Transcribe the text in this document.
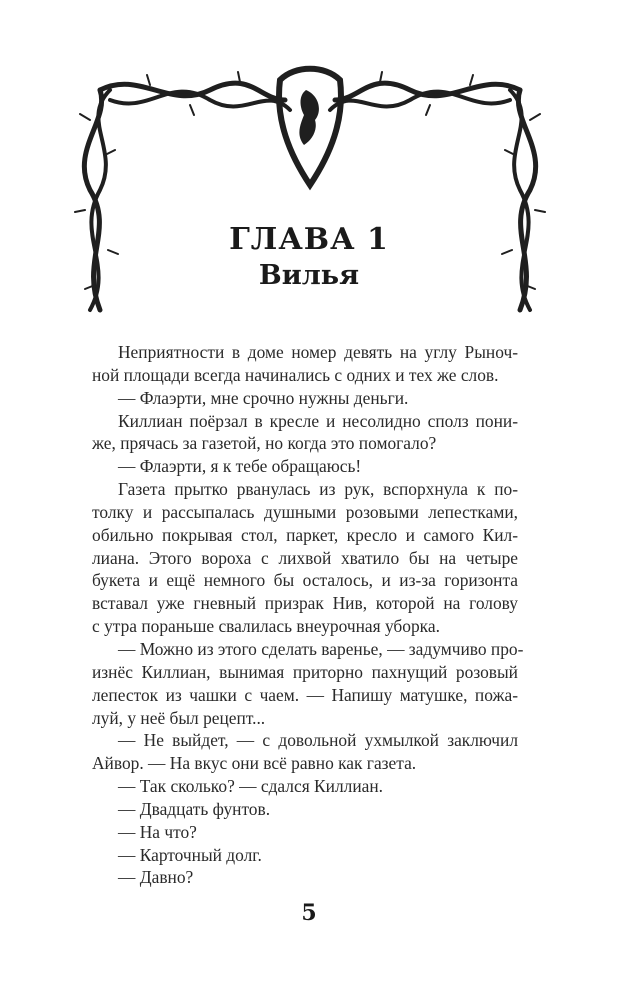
ГЛАВА 1
Вилья
Неприятности в доме номер девять на углу Рыноч-
ной площади всегда начинались с одних и тех же слов.
— Флаэрти, мне срочно нужны деньги.
Киллиан поёрзал в кресле и несолидно сполз пони-
же, прячась за газетой, но когда это помогало?
— Флаэрти, я к тебе обращаюсь!
Газета прытко рванулась из рук, вспорхнула к по-
толку и рассыпалась душными розовыми лепестками,
обильно покрывая стол, паркет, кресло и самого Кил-
лиана. Этого вороха с лихвой хватило бы на четыре
букета и ещё немного бы осталось, и из-за горизонта
вставал уже гневный призрак Нив, которой на голову
с утра пораньше свалилась внеурочная уборка.
— Можно из этого сделать варенье, — задумчиво про-
изнёс Киллиан, вынимая приторно пахнущий розовый
лепесток из чашки с чаем. — Напишу матушке, пожа-
луй, у неё был рецепт...
— Не выйдет, — с довольной ухмылкой заключил
Айвор. — На вкус они всё равно как газета.
— Так сколько? — сдался Киллиан.
— Двадцать фунтов.
— На что?
— Карточный долг.
— Давно?
5
